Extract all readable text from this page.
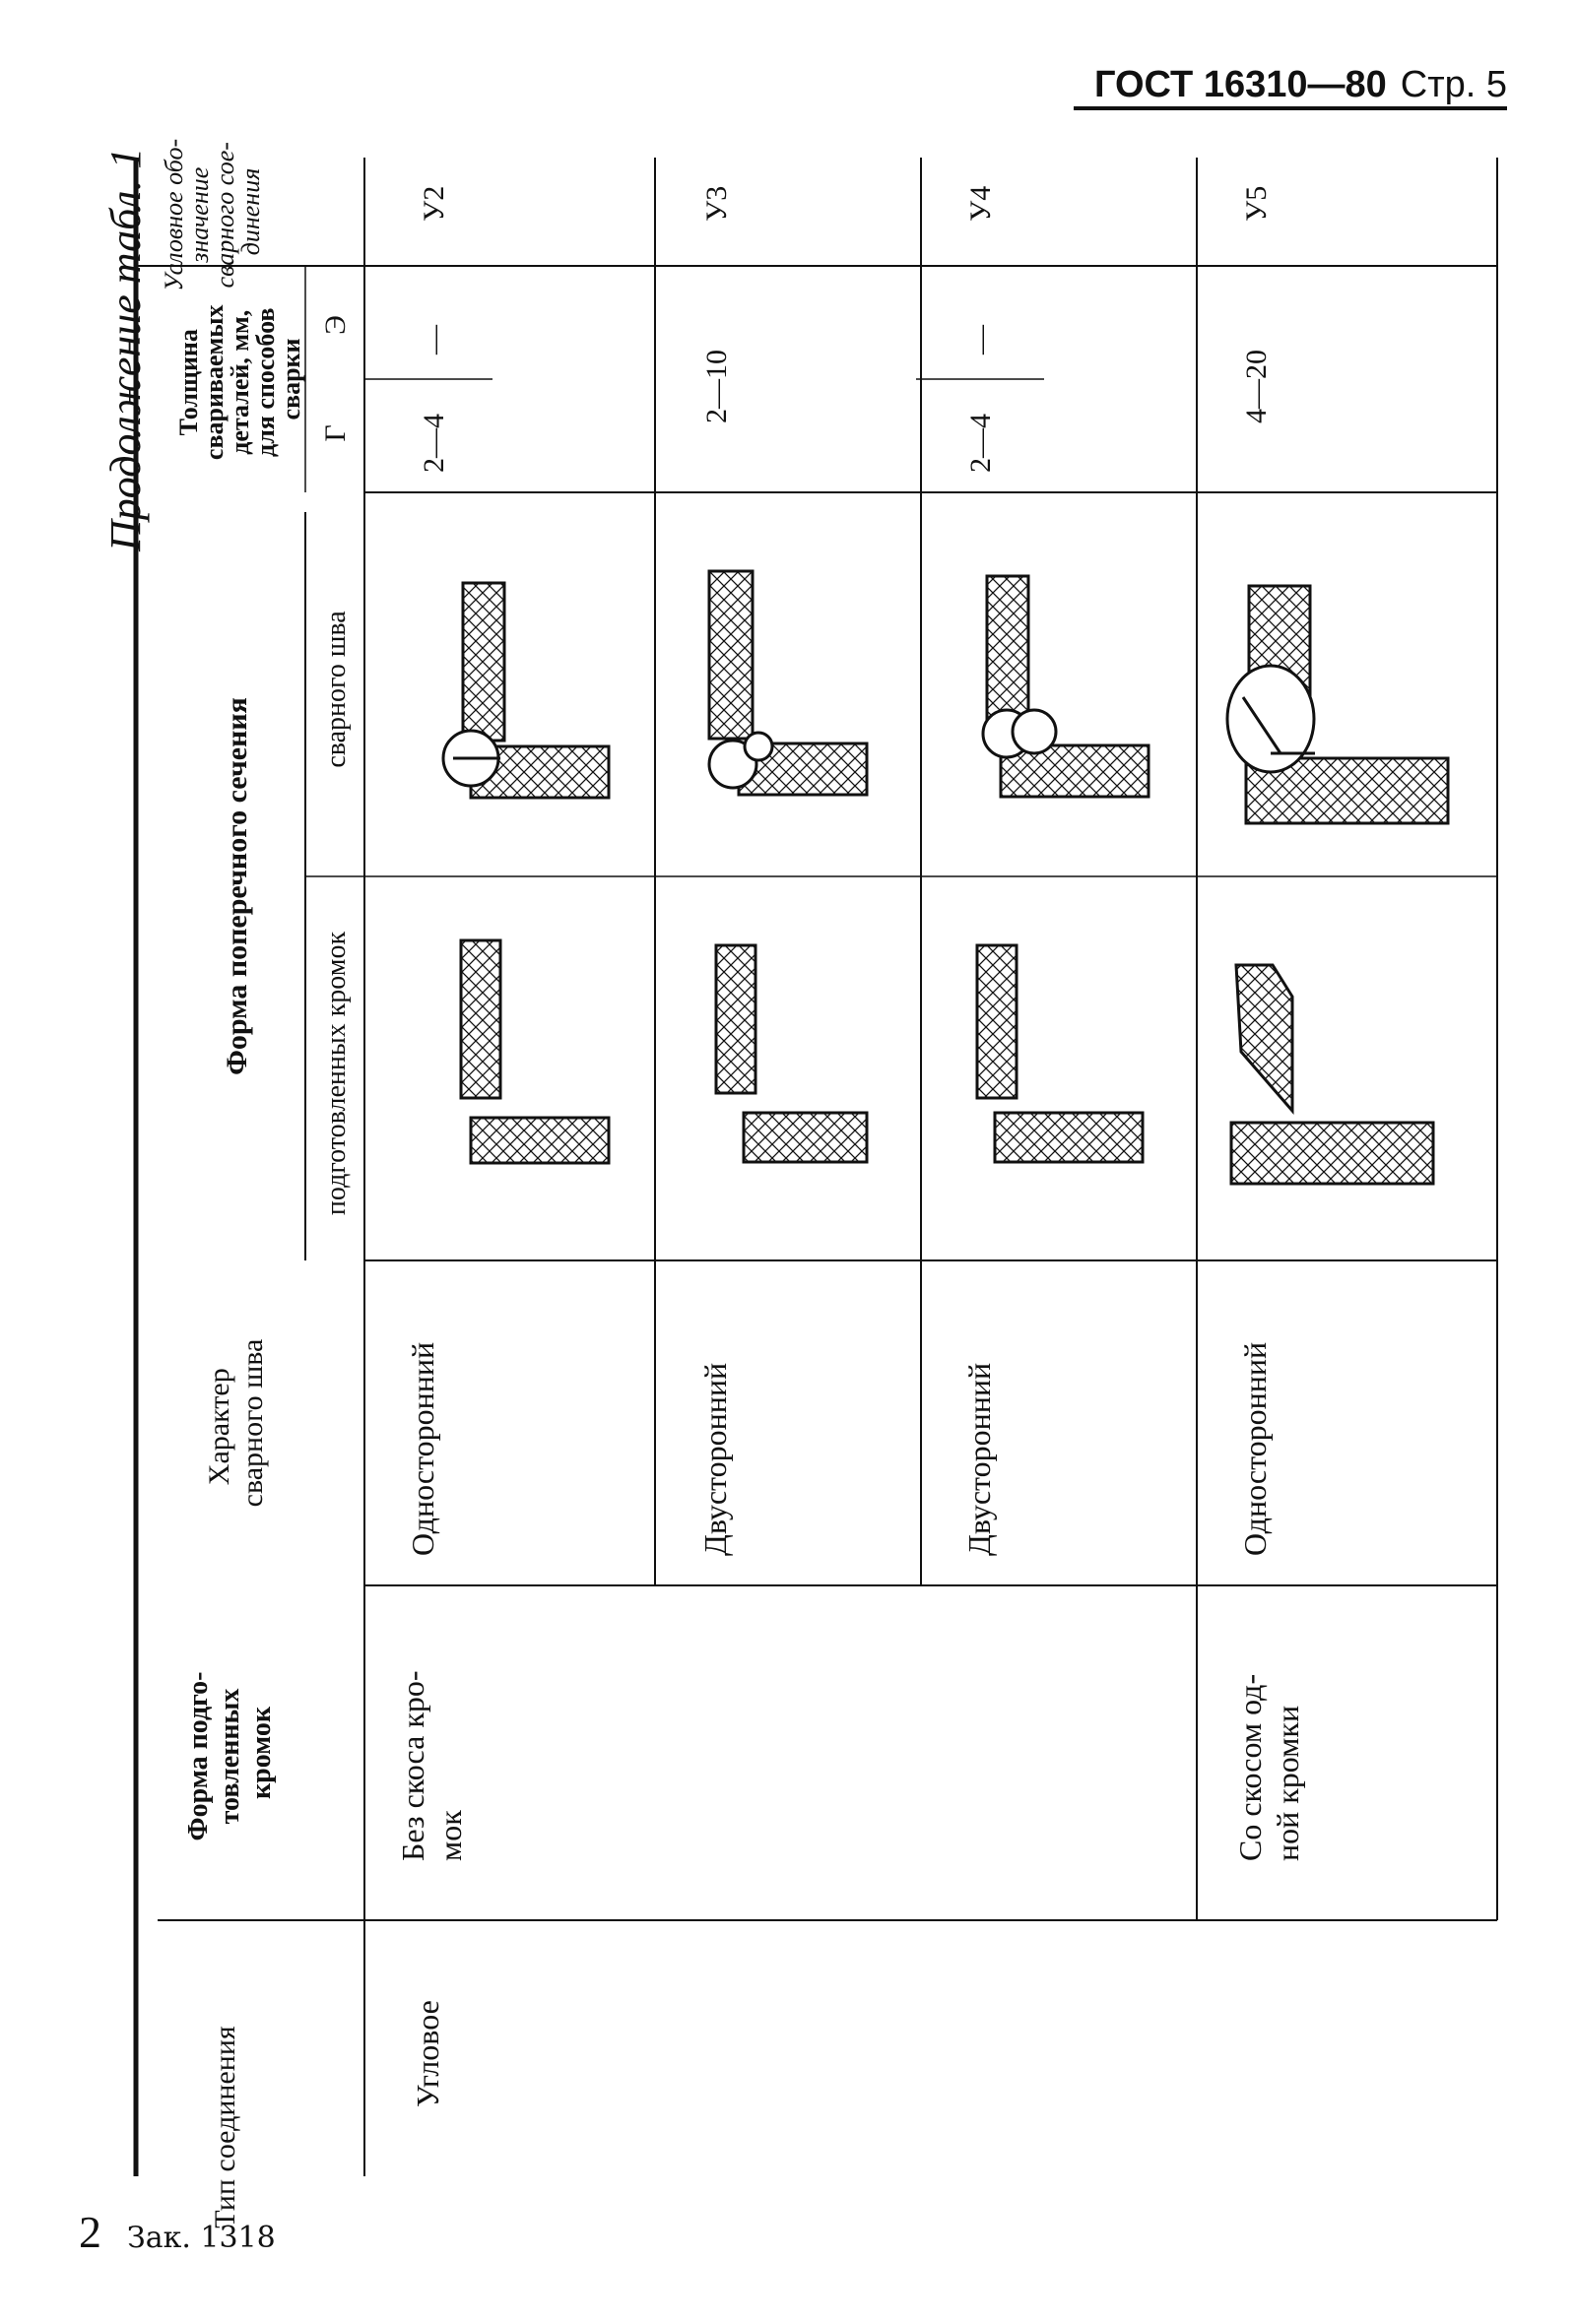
ГОСТ 16310—80 Стр. 5
Продолжение табл. 1
Тип соединения
Форма подго- товленных кромок
Характер сварного шва
Форма поперечного сечения подготовленных кромок
сварного шва
Толщина свариваемых деталей, мм, для способов сварки
Г
Э
Условное обо- значение сварного сое- динения
Угловое
Без скоса кро- мок	Со скосом од- ной кромки
Односторонний
2—4
—
У2
Двусторонний
2—10
У3
Двусторонний
2—4
—
У4
Односторонний
4—20
У5
2 Зак. 1318
